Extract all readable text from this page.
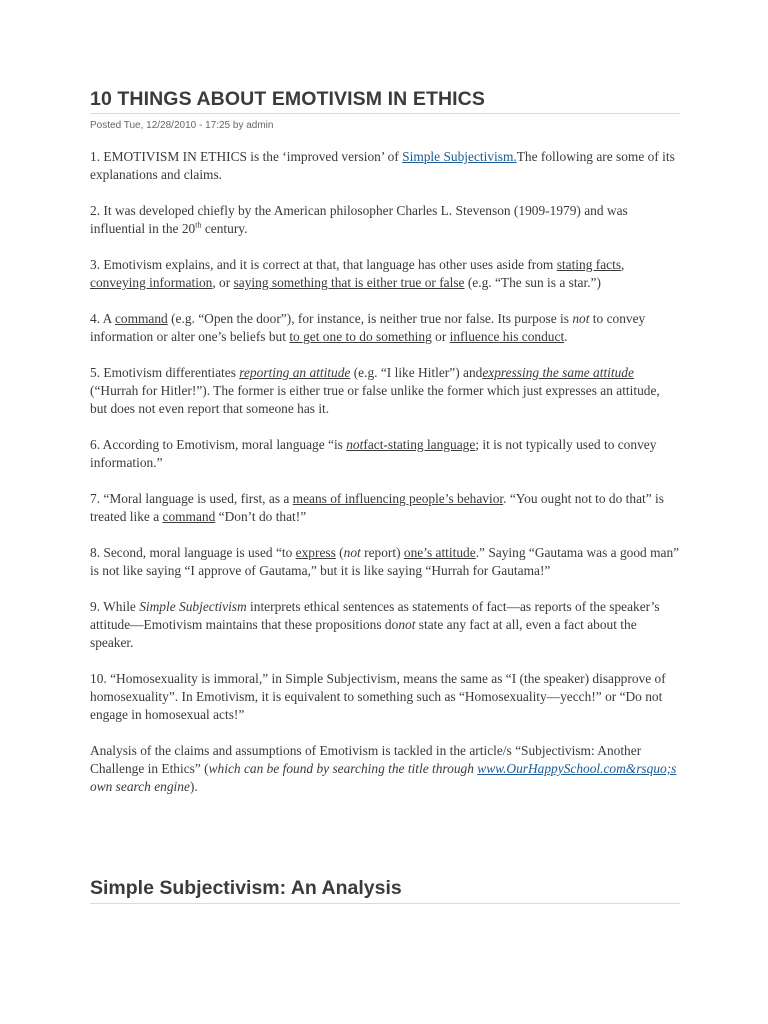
10 THINGS ABOUT EMOTIVISM IN ETHICS
Posted Tue, 12/28/2010 - 17:25 by admin

1. EMOTIVISM IN ETHICS is the ‘improved version’ of Simple Subjectivism.The following are some of its explanations and claims.

2. It was developed chiefly by the American philosopher Charles L. Stevenson (1909-1979) and was influential in the 20th century.

3. Emotivism explains, and it is correct at that, that language has other uses aside from stating facts, conveying information, or saying something that is either true or false (e.g. “The sun is a star.”)

4. A command (e.g. “Open the door”), for instance, is neither true nor false. Its purpose is not to convey information or alter one’s beliefs but to get one to do something or influence his conduct.

5. Emotivism differentiates reporting an attitude (e.g. “I like Hitler”) andexpressing the same attitude (“Hurrah for Hitler!”). The former is either true or false unlike the former which just expresses an attitude, but does not even report that someone has it.

6. According to Emotivism, moral language “is notfact-stating language; it is not typically used to convey information.”

7. “Moral language is used, first, as a means of influencing people’s behavior. “You ought not to do that” is treated like a command “Don’t do that!”

8. Second, moral language is used “to express (not report) one’s attitude.” Saying “Gautama was a good man” is not like saying “I approve of Gautama,” but it is like saying “Hurrah for Gautama!”

9. While Simple Subjectivism interprets ethical sentences as statements of fact—as reports of the speaker’s attitude—Emotivism maintains that these propositions donot state any fact at all, even a fact about the speaker.

10. “Homosexuality is immoral,” in Simple Subjectivism, means the same as “I (the speaker) disapprove of homosexuality”. In Emotivism, it is equivalent to something such as “Homosexuality—yecch!” or “Do not engage in homosexual acts!”

Analysis of the claims and assumptions of Emotivism is tackled in the article/s “Subjectivism: Another Challenge in Ethics” (which can be found by searching the title through www.OurHappySchool.com&rsquo;s own search engine).

Simple Subjectivism: An Analysis
